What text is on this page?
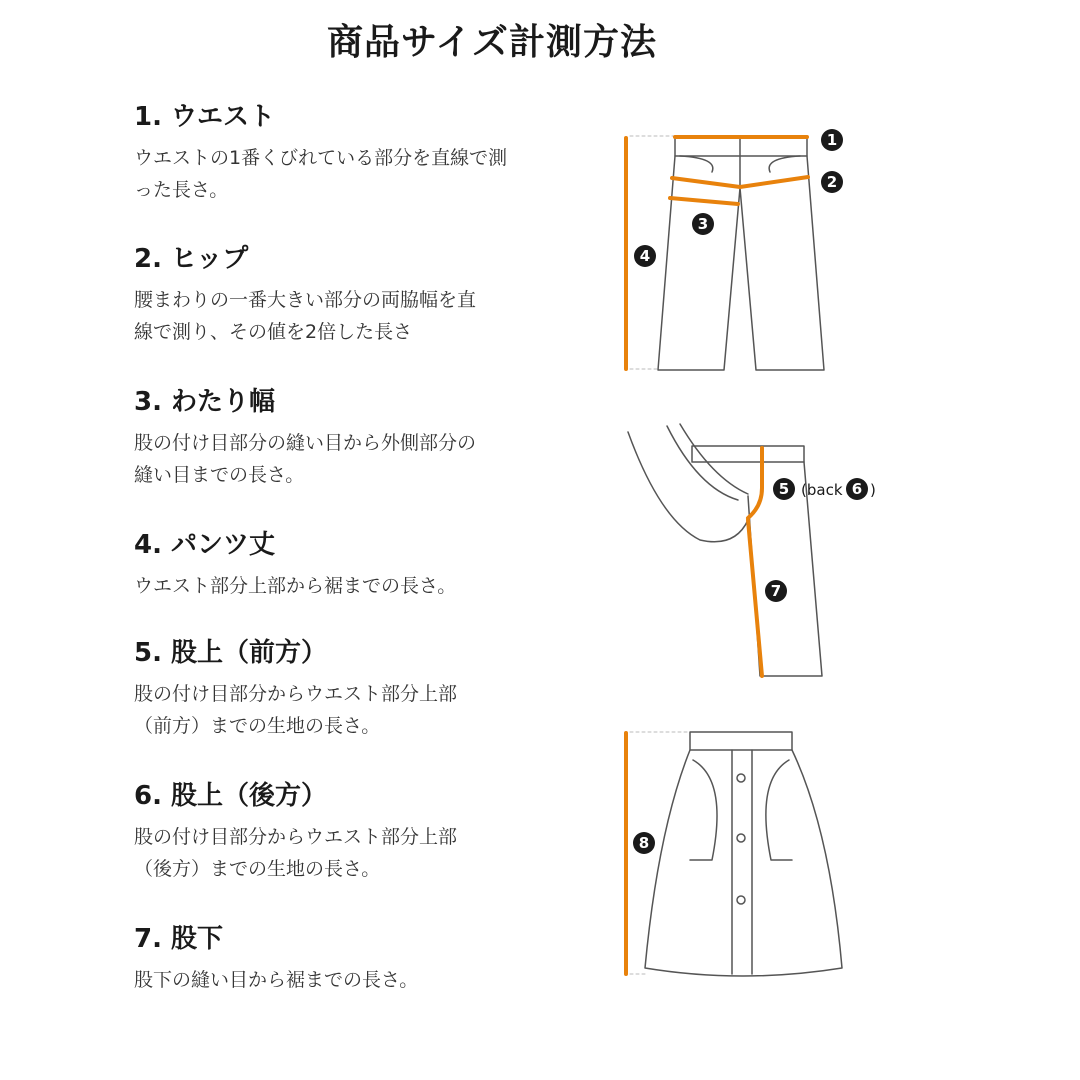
商品サイズ計測方法
1. ウエスト

ウエストの1番くびれている部分を直線で測
った長さ。

2. ヒップ

腰まわりの一番大きい部分の両脇幅を直
線で測り、その値を2倍した長さ

3. わたり幅

股の付け目部分の縫い目から外側部分の
縫い目までの長さ。

4. パンツ丈

ウエスト部分上部から裾までの長さ。

5. 股上（前方）

股の付け目部分からウエスト部分上部
（前方）までの生地の長さ。

6. 股上（後方）

股の付け目部分からウエスト部分上部
（後方）までの生地の長さ。

7. 股下

股下の縫い目から裾までの長さ。

1
2
3
4
5 (back 6 )
7
8
